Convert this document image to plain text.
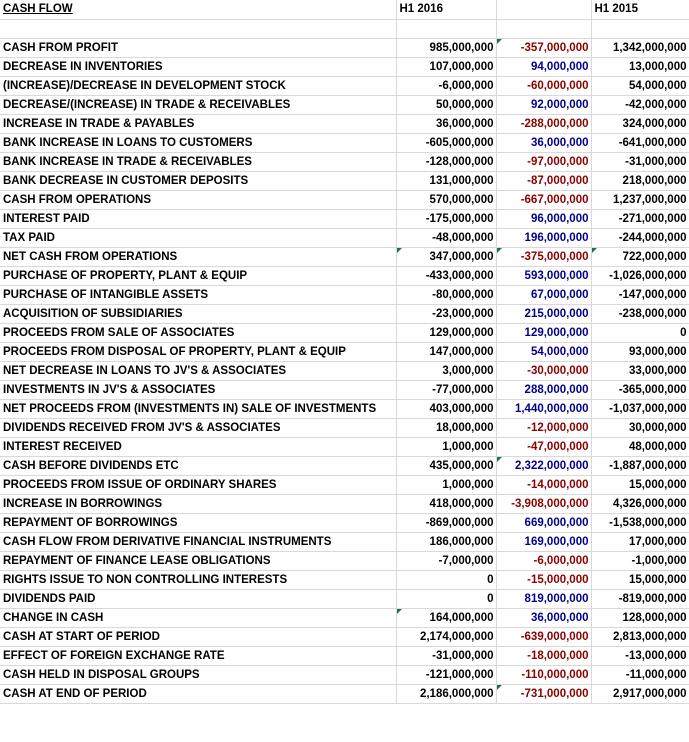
CASH FLOW	H1 2016		H1 2015

CASH FROM PROFIT	985,000,000	-357,000,000	1,342,000,000
DECREASE IN INVENTORIES	107,000,000	94,000,000	13,000,000
(INCREASE)/DECREASE IN DEVELOPMENT STOCK	-6,000,000	-60,000,000	54,000,000
DECREASE/(INCREASE) IN TRADE & RECEIVABLES	50,000,000	92,000,000	-42,000,000
INCREASE IN TRADE & PAYABLES	36,000,000	-288,000,000	324,000,000
BANK INCREASE IN LOANS TO CUSTOMERS	-605,000,000	36,000,000	-641,000,000
BANK INCREASE IN TRADE & RECEIVABLES	-128,000,000	-97,000,000	-31,000,000
BANK DECREASE IN CUSTOMER DEPOSITS	131,000,000	-87,000,000	218,000,000
CASH FROM OPERATIONS	570,000,000	-667,000,000	1,237,000,000
INTEREST PAID	-175,000,000	96,000,000	-271,000,000
TAX PAID	-48,000,000	196,000,000	-244,000,000
NET CASH FROM OPERATIONS	347,000,000	-375,000,000	722,000,000
PURCHASE OF PROPERTY, PLANT & EQUIP	-433,000,000	593,000,000	-1,026,000,000
PURCHASE OF INTANGIBLE ASSETS	-80,000,000	67,000,000	-147,000,000
ACQUISITION OF SUBSIDIARIES	-23,000,000	215,000,000	-238,000,000
PROCEEDS FROM SALE OF ASSOCIATES	129,000,000	129,000,000	0
PROCEEDS FROM DISPOSAL OF PROPERTY, PLANT & EQUIP	147,000,000	54,000,000	93,000,000
NET DECREASE IN LOANS TO JV'S & ASSOCIATES	3,000,000	-30,000,000	33,000,000
INVESTMENTS IN JV'S & ASSOCIATES	-77,000,000	288,000,000	-365,000,000
NET PROCEEDS FROM (INVESTMENTS IN) SALE OF INVESTMENTS	403,000,000	1,440,000,000	-1,037,000,000
DIVIDENDS RECEIVED FROM JV'S & ASSOCIATES	18,000,000	-12,000,000	30,000,000
INTEREST RECEIVED	1,000,000	-47,000,000	48,000,000
CASH BEFORE DIVIDENDS ETC	435,000,000	2,322,000,000	-1,887,000,000
PROCEEDS FROM ISSUE OF ORDINARY SHARES	1,000,000	-14,000,000	15,000,000
INCREASE IN BORROWINGS	418,000,000	-3,908,000,000	4,326,000,000
REPAYMENT OF BORROWINGS	-869,000,000	669,000,000	-1,538,000,000
CASH FLOW FROM DERIVATIVE FINANCIAL INSTRUMENTS	186,000,000	169,000,000	17,000,000
REPAYMENT OF FINANCE LEASE OBLIGATIONS	-7,000,000	-6,000,000	-1,000,000
RIGHTS ISSUE TO NON CONTROLLING INTERESTS	0	-15,000,000	15,000,000
DIVIDENDS PAID	0	819,000,000	-819,000,000
CHANGE IN CASH	164,000,000	36,000,000	128,000,000
CASH AT START OF PERIOD	2,174,000,000	-639,000,000	2,813,000,000
EFFECT OF FOREIGN EXCHANGE RATE	-31,000,000	-18,000,000	-13,000,000
CASH HELD IN DISPOSAL GROUPS	-121,000,000	-110,000,000	-11,000,000
CASH AT END OF PERIOD	2,186,000,000	-731,000,000	2,917,000,000
